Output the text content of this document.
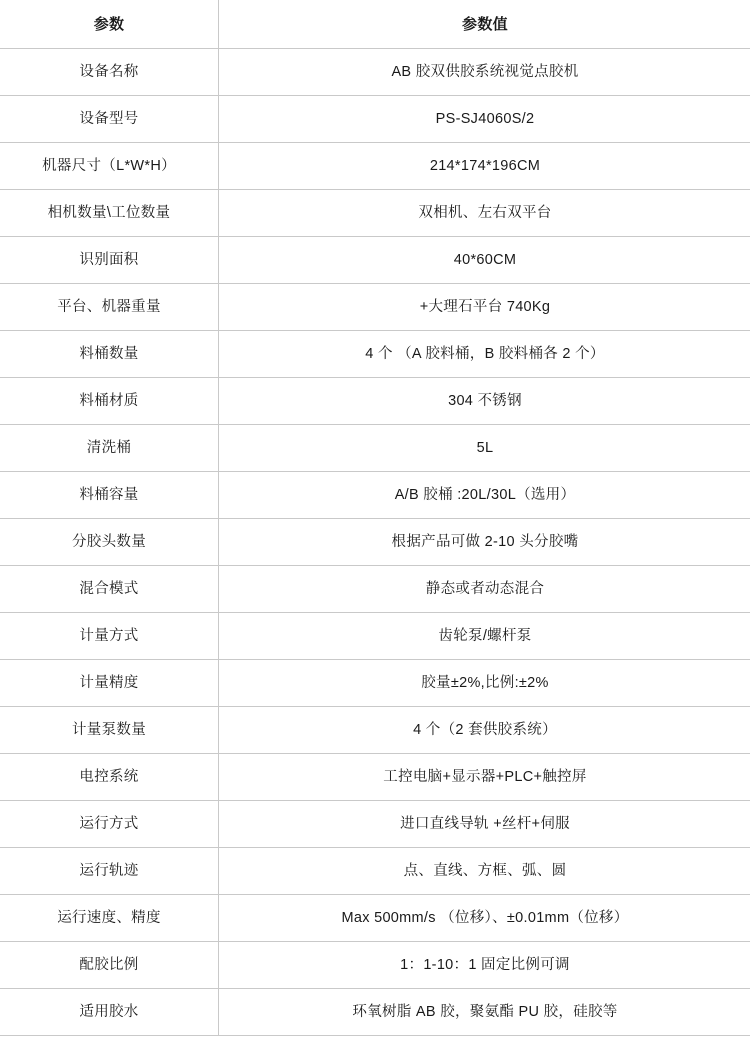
参数	参数值

设备名称	AB 胶双供胶系统视觉点胶机

设备型号	PS-SJ4060S/2

机器尺寸（L*W*H）	214*174*196CM

相机数量\工位数量	双相机、左右双平台

识别面积	40*60CM

平台、机器重量	+大理石平台 740Kg

料桶数量	4 个 （A 胶料桶，B 胶料桶各 2 个）

料桶材质	304 不锈钢

清洗桶	5L

料桶容量	A/B 胶桶 :20L/30L（选用）

分胶头数量	根据产品可做 2-10 头分胶嘴

混合模式	静态或者动态混合

计量方式	齿轮泵/螺杆泵

计量精度	胶量±2%,比例:±2%

计量泵数量	4 个（2 套供胶系统）

电控系统	工控电脑+显示器+PLC+触控屏

运行方式	进口直线导轨 +丝杆+伺服

运行轨迹	点、直线、方框、弧、圆

运行速度、精度	Max 500mm/s （位移）、±0.01mm（位移）

配胶比例	1：1-10：1 固定比例可调

适用胶水	环氧树脂 AB 胶，聚氨酯 PU 胶，硅胶等
